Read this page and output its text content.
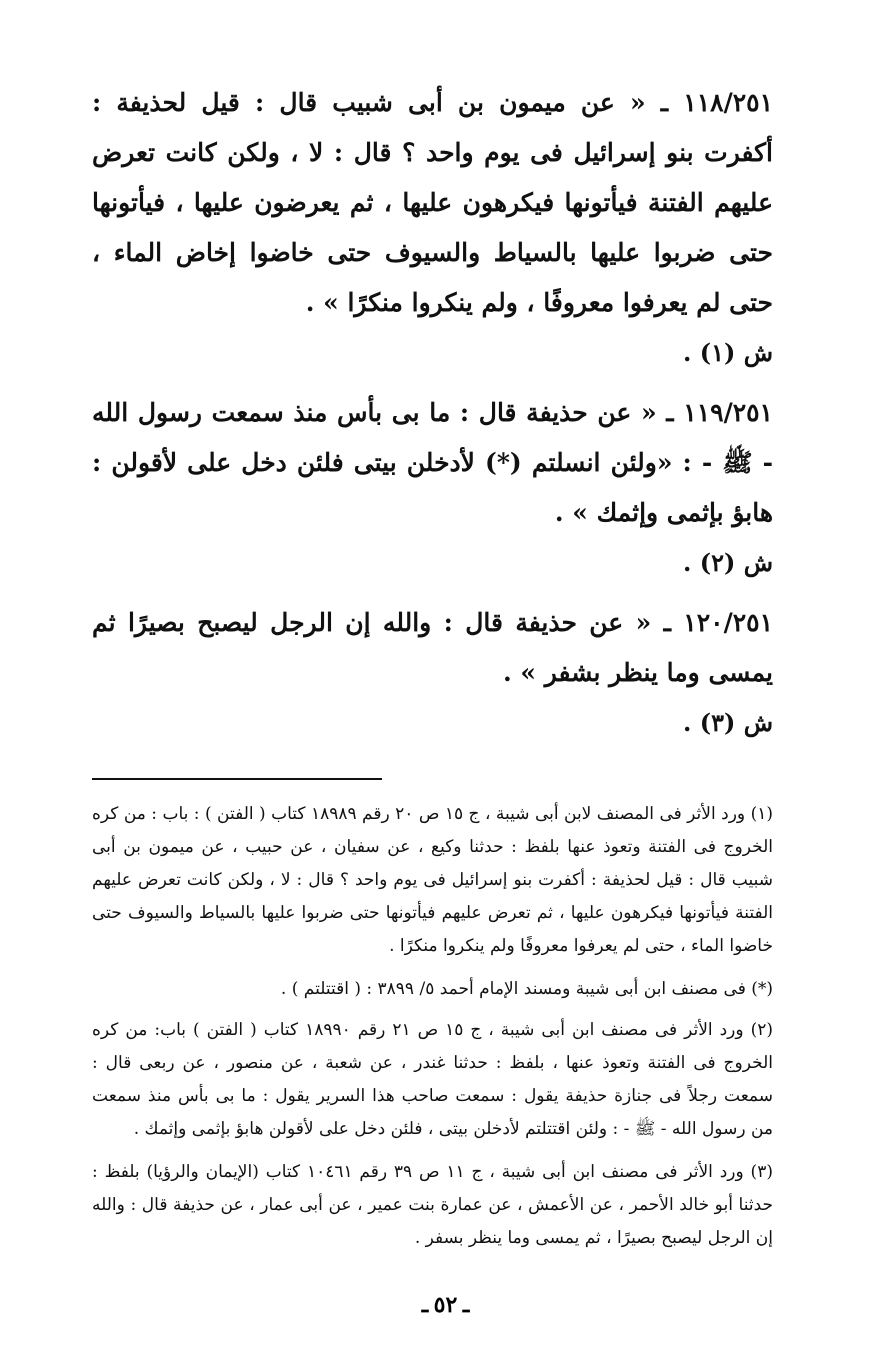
١١٨/٢٥١ ـ « عن ميمون بن أبى شبيب قال : قيل لحذيفة : أكفرت بنو إسرائيل فى يوم واحد ؟ قال : لا ، ولكن كانت تعرض عليهم الفتنة فيأتونها فيكرهون عليها ، ثم يعرضون عليها ، فيأتونها حتى ضربوا عليها بالسياط والسيوف حتى خاضوا إخاض الماء ، حتى لم يعرفوا معروفًا ، ولم ينكروا منكرًا » .

ش (١) .

١١٩/٢٥١ ـ « عن حذيفة قال : ما بى بأس منذ سمعت رسول الله - ﷺ - : «ولئن انسلتم (*) لأدخلن بيتى فلئن دخل على لأقولن : هابؤ بإثمى وإثمك » .

ش (٢) .

١٢٠/٢٥١ ـ « عن حذيفة قال : والله إن الرجل ليصبح بصيرًا ثم يمسى وما ينظر بشفر » .

ش (٣) .

(١) ورد الأثر فى المصنف لابن أبى شيبة ، ج ١٥ ص ٢٠ رقم ١٨٩٨٩ كتاب ( الفتن ) : باب : من كره الخروج فى الفتنة وتعوذ عنها بلفظ : حدثنا وكيع ، عن سفيان ، عن حبيب ، عن ميمون بن أبى شبيب قال : قيل لحذيفة : أكفرت بنو إسرائيل فى يوم واحد ؟ قال : لا ، ولكن كانت تعرض عليهم الفتنة فيأتونها فيكرهون عليها ، ثم تعرض عليهم فيأتونها حتى ضربوا عليها بالسياط والسيوف حتى خاضوا الماء ، حتى لم يعرفوا معروفًا ولم ينكروا منكرًا .

(*) فى مصنف ابن أبى شيبة ومسند الإمام أحمد ٥/ ٣٨٩٩ : ( اقتتلتم ) .

(٢) ورد الأثر فى مصنف ابن أبى شيبة ، ج ١٥ ص ٢١ رقم ١٨٩٩٠ كتاب ( الفتن ) باب: من كره الخروج فى الفتنة وتعوذ عنها ، بلفظ : حدثنا غندر ، عن شعبة ، عن منصور ، عن ربعى قال : سمعت رجلاً فى جنازة حذيفة يقول : سمعت صاحب هذا السرير يقول : ما بى بأس منذ سمعت من رسول الله - ﷺ - : ولئن اقتتلتم لأدخلن بيتى ، فلئن دخل على لأقولن هابؤ بإثمى وإثمك .

(٣) ورد الأثر فى مصنف ابن أبى شيبة ، ج ١١ ص ٣٩ رقم ١٠٤٦١ كتاب (الإيمان والرؤيا) بلفظ : حدثنا أبو خالد الأحمر ، عن الأعمش ، عن عمارة بنت عمير ، عن أبى عمار ، عن حذيفة قال : والله إن الرجل ليصبح بصيرًا ، ثم يمسى وما ينظر بسفر .

ـ ٥٢ ـ
